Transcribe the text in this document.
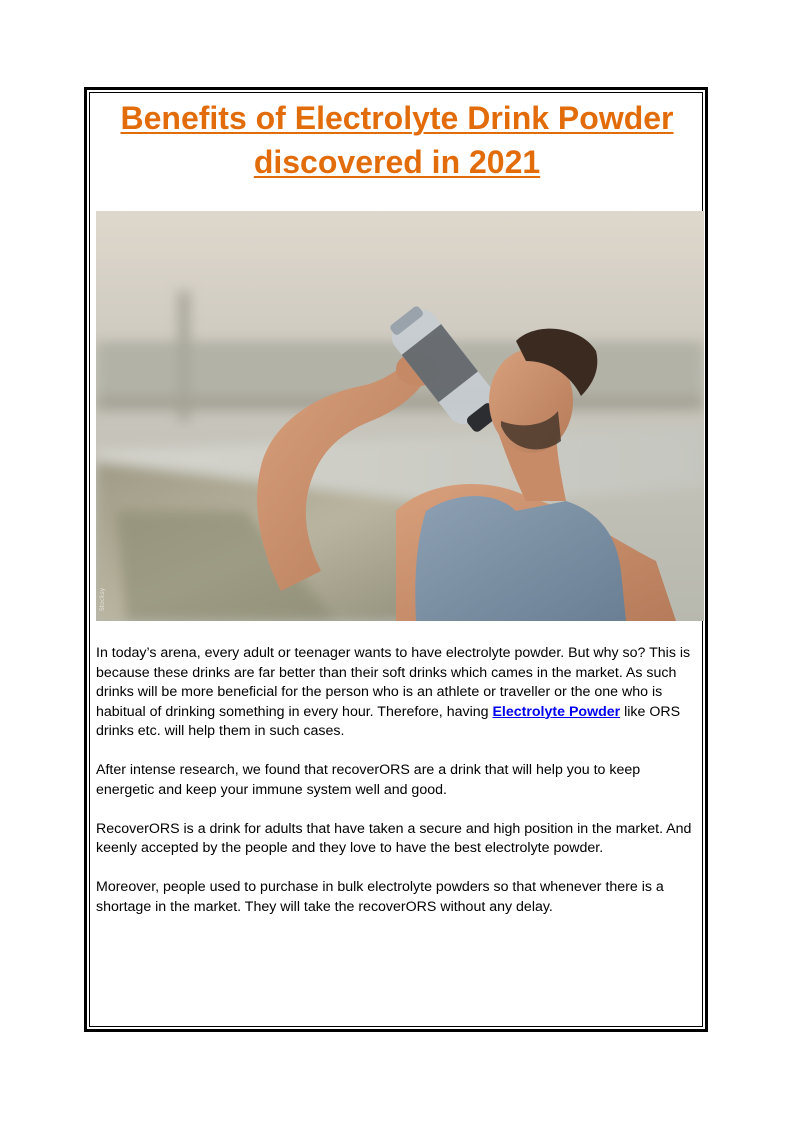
Benefits of Electrolyte Drink Powder
discovered in 2021
Stocksy

In today’s arena, every adult or teenager wants to have electrolyte powder. But why so? This is because these drinks are far better than their soft drinks which cames in the market. As such drinks will be more beneficial for the person who is an athlete or traveller or the one who is habitual of drinking something in every hour. Therefore, having Electrolyte Powder like ORS drinks etc. will help them in such cases.

After intense research, we found that recoverORS are a drink that will help you to keep energetic and keep your immune system well and good.

RecoverORS is a drink for adults that have taken a secure and high position in the market. And keenly accepted by the people and they love to have the best electrolyte powder.

Moreover, people used to purchase in bulk electrolyte powders so that whenever there is a shortage in the market. They will take the recoverORS without any delay.
